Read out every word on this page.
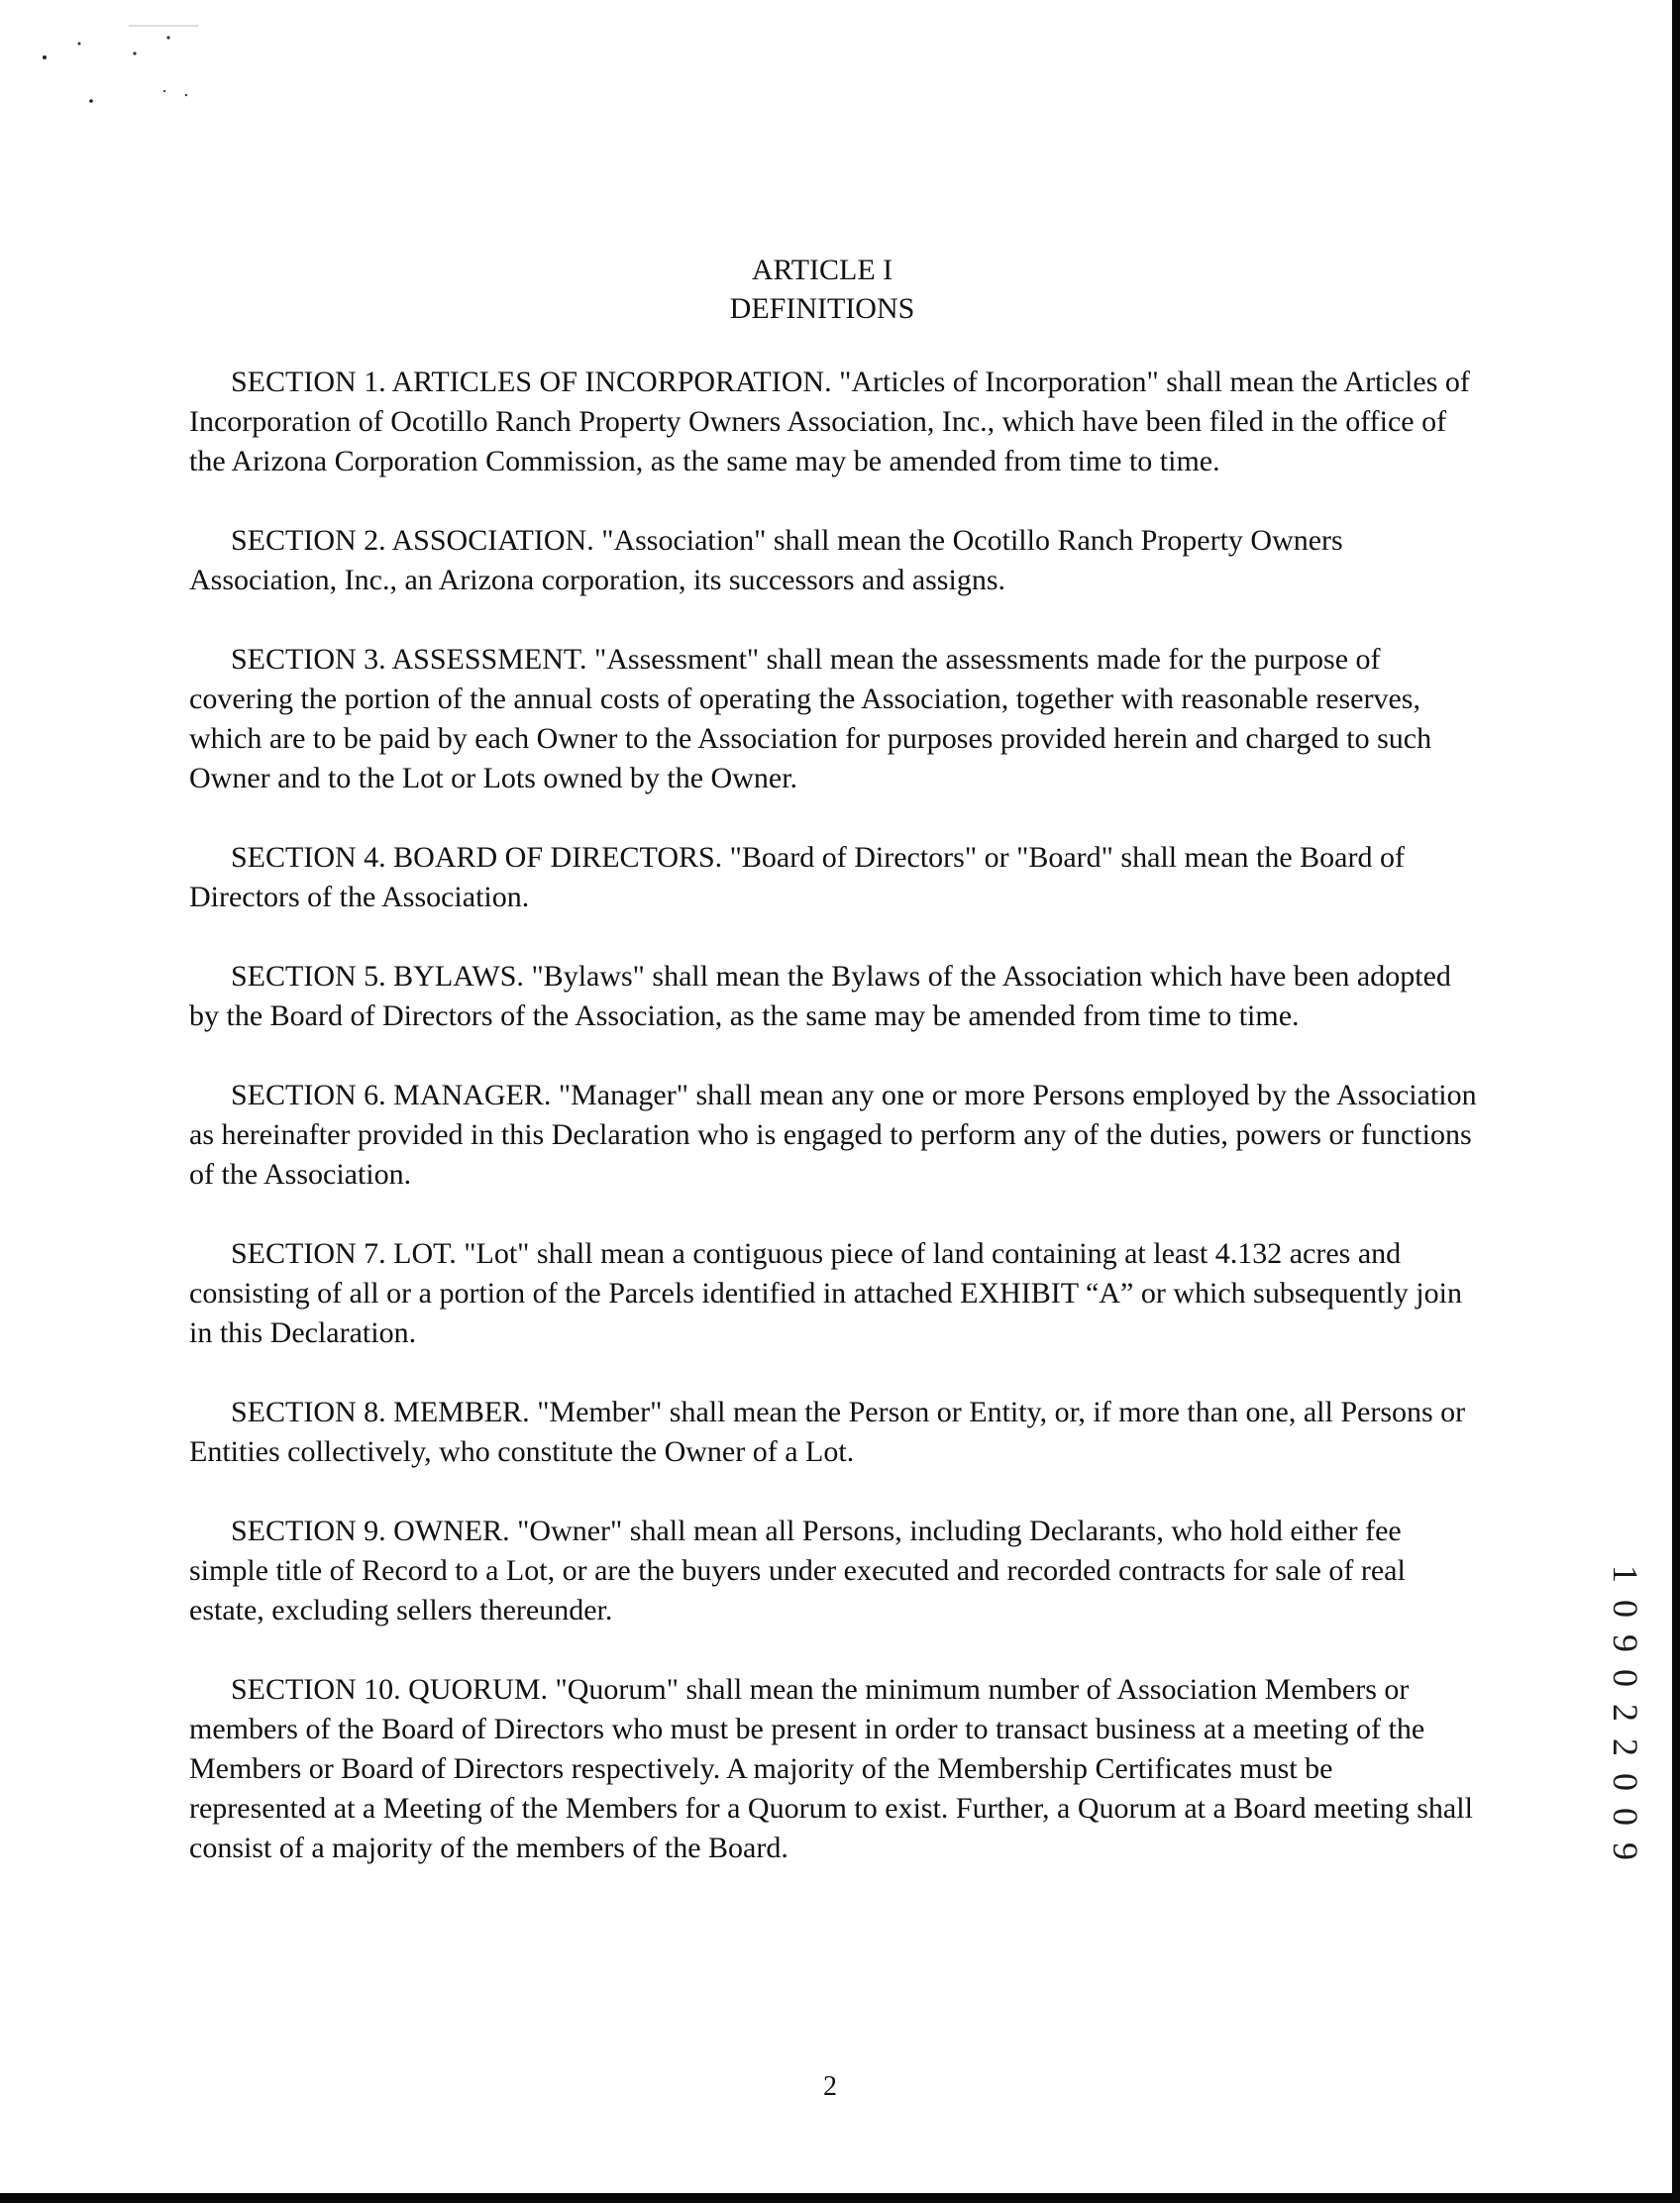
ARTICLE I
DEFINITIONS

SECTION 1. ARTICLES OF INCORPORATION. "Articles of Incorporation" shall mean the Articles of Incorporation of Ocotillo Ranch Property Owners Association, Inc., which have been filed in the office of the Arizona Corporation Commission, as the same may be amended from time to time.

SECTION 2. ASSOCIATION. "Association" shall mean the Ocotillo Ranch Property Owners Association, Inc., an Arizona corporation, its successors and assigns.

SECTION 3. ASSESSMENT. "Assessment" shall mean the assessments made for the purpose of covering the portion of the annual costs of operating the Association, together with reasonable reserves, which are to be paid by each Owner to the Association for purposes provided herein and charged to such Owner and to the Lot or Lots owned by the Owner.

SECTION 4. BOARD OF DIRECTORS. "Board of Directors" or "Board" shall mean the Board of Directors of the Association.

SECTION 5. BYLAWS. "Bylaws" shall mean the Bylaws of the Association which have been adopted by the Board of Directors of the Association, as the same may be amended from time to time.

SECTION 6. MANAGER. "Manager" shall mean any one or more Persons employed by the Association as hereinafter provided in this Declaration who is engaged to perform any of the duties, powers or functions of the Association.

SECTION 7. LOT. "Lot" shall mean a contiguous piece of land containing at least 4.132 acres and consisting of all or a portion of the Parcels identified in attached EXHIBIT “A” or which subsequently join in this Declaration.

SECTION 8. MEMBER. "Member" shall mean the Person or Entity, or, if more than one, all Persons or Entities collectively, who constitute the Owner of a Lot.

SECTION 9. OWNER. "Owner" shall mean all Persons, including Declarants, who hold either fee simple title of Record to a Lot, or are the buyers under executed and recorded contracts for sale of real estate, excluding sellers thereunder.

SECTION 10. QUORUM. "Quorum" shall mean the minimum number of Association Members or members of the Board of Directors who must be present in order to transact business at a meeting of the Members or Board of Directors respectively. A majority of the Membership Certificates must be represented at a Meeting of the Members for a Quorum to exist. Further, a Quorum at a Board meeting shall consist of a majority of the members of the Board.	1 0 9 0 2 2 0 0 9
2
